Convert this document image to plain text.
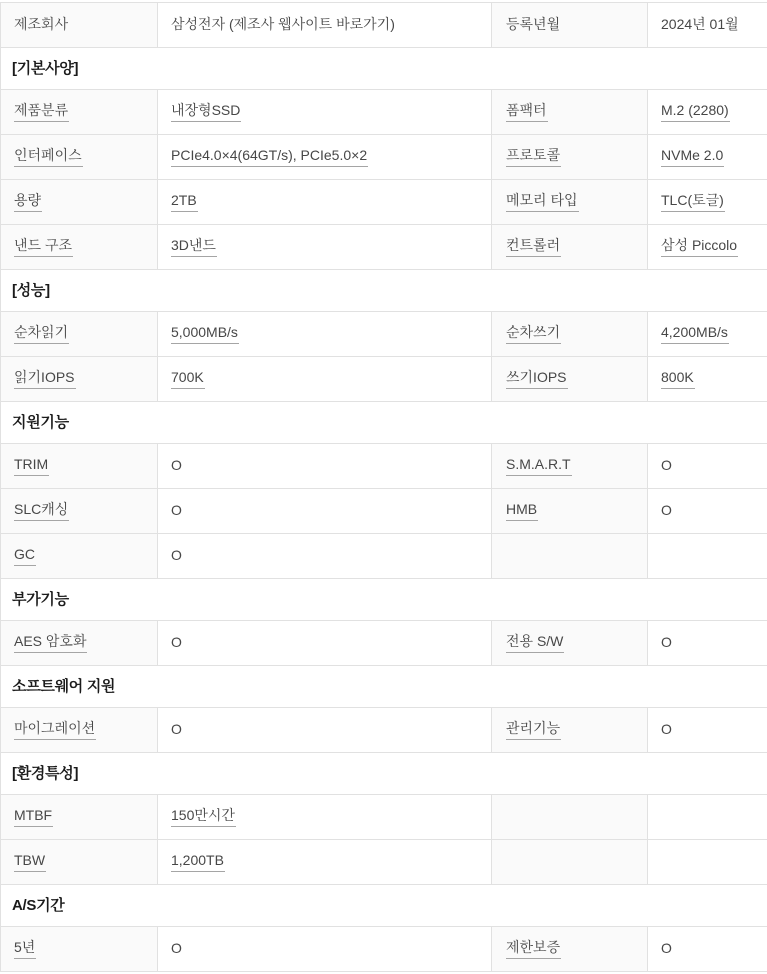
제조회사	삼성전자 (제조사 웹사이트 바로가기)	등록년월	2024년 01월
[기본사양]
제품분류	내장형SSD	폼팩터	M.2 (2280)
인터페이스	PCIe4.0×4(64GT/s), PCIe5.0×2	프로토콜	NVMe 2.0
용량	2TB	메모리 타입	TLC(토글)
낸드 구조	3D낸드	컨트롤러	삼성 Piccolo
[성능]
순차읽기	5,000MB/s	순차쓰기	4,200MB/s
읽기IOPS	700K	쓰기IOPS	800K
지원기능
TRIM	O	S.M.A.R.T	O
SLC캐싱	O	HMB	O
GC	O
부가기능
AES 암호화	O	전용 S/W	O
소프트웨어 지원
마이그레이션	O	관리기능	O
[환경특성]
MTBF	150만시간
TBW	1,200TB
A/S기간
5년	O	제한보증	O
